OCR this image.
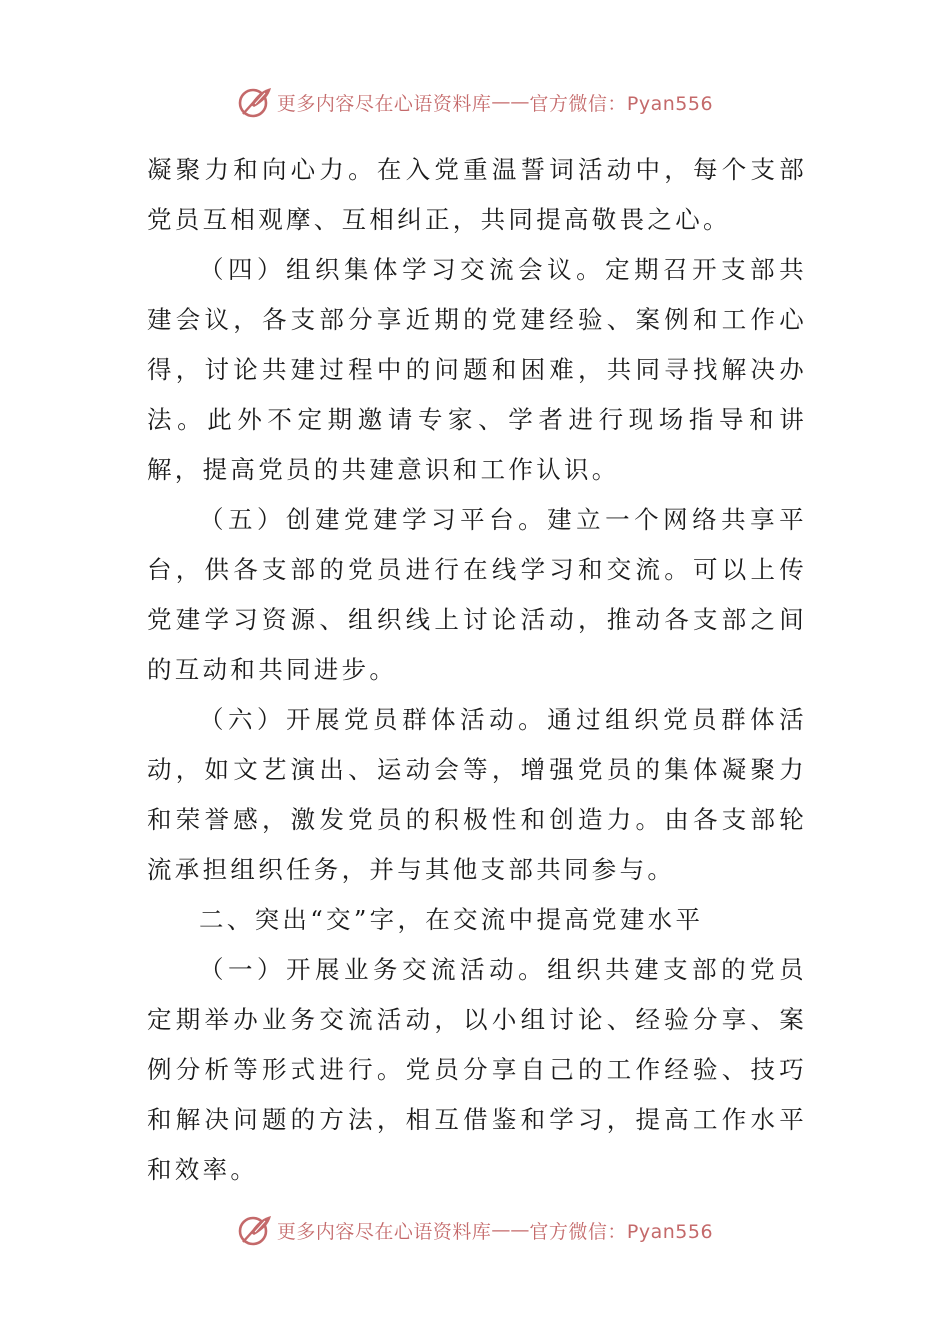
更多内容尽在心语资料库 —— 官方微信：Pyan556

凝聚力和向心力。在入党重温誓词活动中，每个支部党员互相观摩、互相纠正，共同提高敬畏之心。

（四）组织集体学习交流会议。定期召开支部共建会议，各支部分享近期的党建经验、案例和工作心得，讨论共建过程中的问题和困难，共同寻找解决办法。此外不定期邀请专家、学者进行现场指导和讲解，提高党员的共建意识和工作认识。

（五）创建党建学习平台。建立一个网络共享平台，供各支部的党员进行在线学习和交流。可以上传党建学习资源、组织线上讨论活动，推动各支部之间的互动和共同进步。

（六）开展党员群体活动。通过组织党员群体活动，如文艺演出、运动会等，增强党员的集体凝聚力和荣誉感，激发党员的积极性和创造力。由各支部轮流承担组织任务，并与其他支部共同参与。

二、突出“交”字，在交流中提高党建水平

（一）开展业务交流活动。组织共建支部的党员定期举办业务交流活动，以小组讨论、经验分享、案例分析等形式进行。党员分享自己的工作经验、技巧和解决问题的方法，相互借鉴和学习，提高工作水平和效率。

更多内容尽在心语资料库 —— 官方微信：Pyan556
